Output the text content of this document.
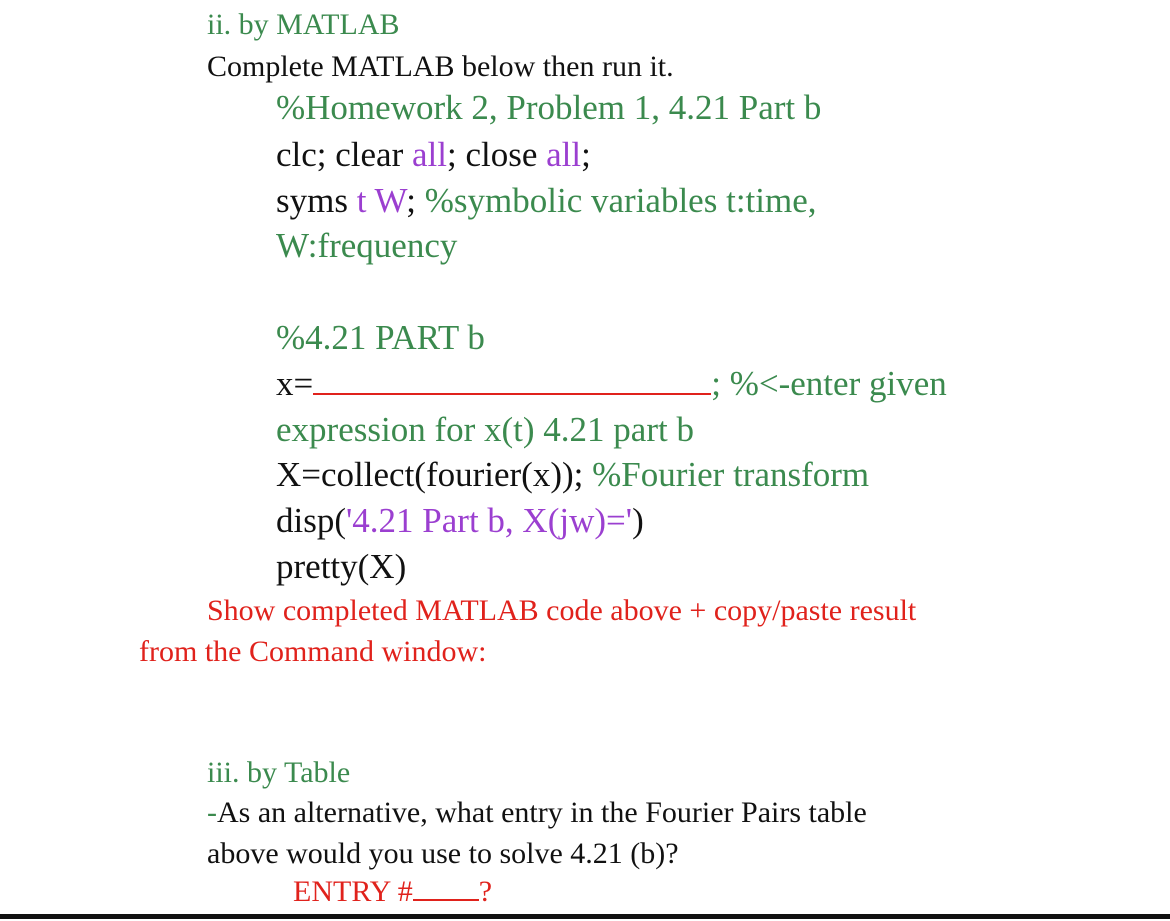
ii. by MATLAB
Complete MATLAB below then run it.
%Homework 2, Problem 1, 4.21 Part b
clc; clear all; close all;
syms t W; %symbolic variables t:time,
W:frequency
%4.21 PART b
x=	; %<-enter given
expression for x(t) 4.21 part b
X=collect(fourier(x)); %Fourier transform
disp('4.21 Part b, X(jw)=')
pretty(X)
Show completed MATLAB code above + copy/paste result
from the Command window:
iii. by Table
-As an alternative, what entry in the Fourier Pairs table
above would you use to solve 4.21 (b)?
ENTRY # ?
